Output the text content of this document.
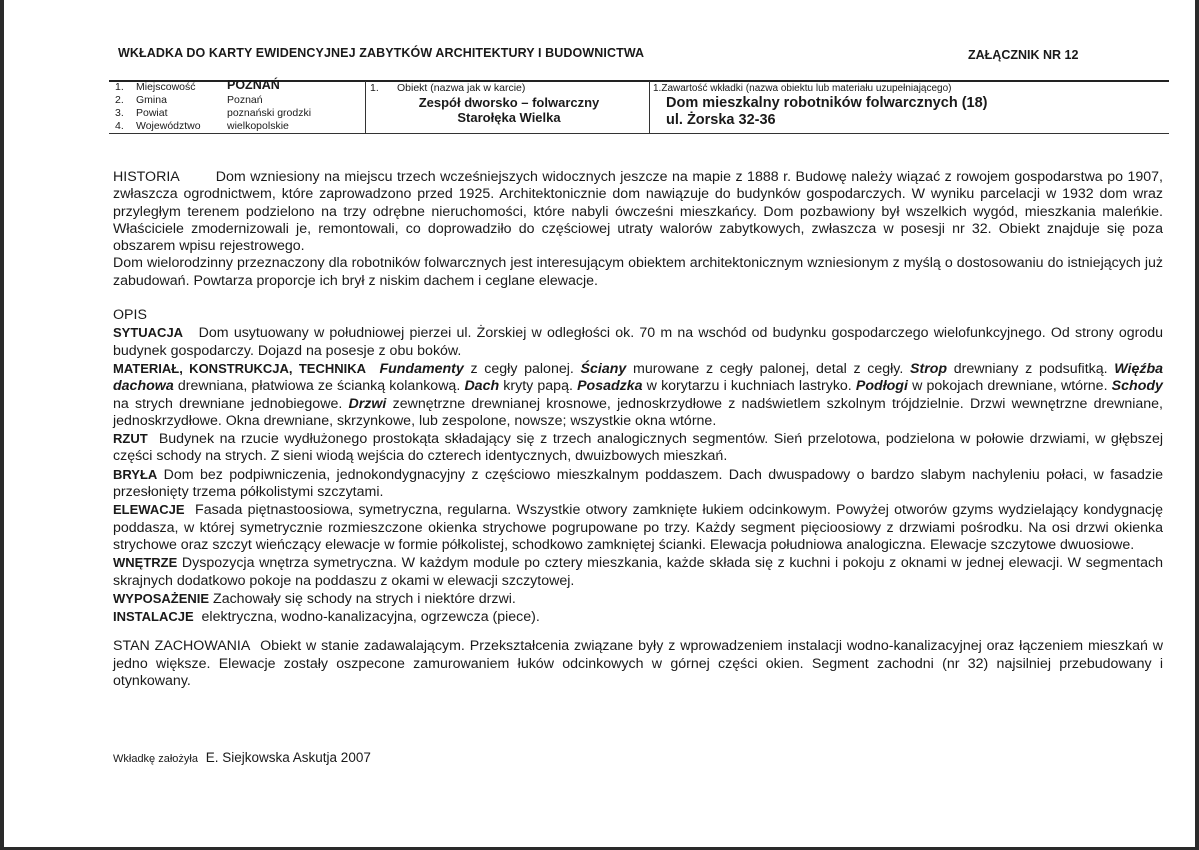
WKŁADKA DO KARTY EWIDENCYJNEJ ZABYTKÓW ARCHITEKTURY I BUDOWNICTWA	ZAŁĄCZNIK NR 12
1.	Miejscowość	POZNAŃ
2.	Gmina	Poznań
3.	Powiat	poznański grodzki
4.	Województwo	wielkopolskie
1. Obiekt (nazwa jak w karcie)
Zespół dworsko – folwarczny
Starołęka Wielka
1.Zawartość wkładki (nazwa obiektu lub materiału uzupełniającego)
Dom mieszkalny robotników folwarcznych (18)
ul. Żorska 32-36

HISTORIA	Dom wzniesiony na miejscu trzech wcześniejszych widocznych jeszcze na mapie z 1888 r. Budowę należy wiązać z rowojem gospodarstwa po 1907, zwłaszcza ogrodnictwem, które zaprowadzono przed 1925. Architektonicznie dom nawiązuje do budynków gospodarczych. W wyniku parcelacji w 1932 dom wraz przyległym terenem podzielono na trzy odrębne nieruchomości, które nabyli ówcześni mieszkańcy. Dom pozbawiony był wszelkich wygód, mieszkania maleńkie. Właściciele zmodernizowali je, remontowali, co doprowadziło do częściowej utraty walorów zabytkowych, zwłaszcza w posesji nr 32. Obiekt znajduje się poza obszarem wpisu rejestrowego.

Dom wielorodzinny przeznaczony dla robotników folwarcznych jest interesującym obiektem architektonicznym wzniesionym z myślą o dostosowaniu do istniejących już zabudowań. Powtarza proporcje ich brył z niskim dachem i ceglane elewacje.

OPIS

SYTUACJA Dom usytuowany w południowej pierzei ul. Żorskiej w odległości ok. 70 m na wschód od budynku gospodarczego wielofunkcyjnego. Od strony ogrodu budynek gospodarczy. Dojazd na posesje z obu boków.

MATERIAŁ, KONSTRUKCJA, TECHNIKA Fundamenty z cegły palonej. Ściany murowane z cegły palonej, detal z cegły. Strop drewniany z podsufitką. Więźba dachowa drewniana, płatwiowa ze ścianką kolankową. Dach kryty papą. Posadzka w korytarzu i kuchniach lastryko. Podłogi w pokojach drewniane, wtórne. Schody na strych drewniane jednobiegowe. Drzwi zewnętrzne drewnianej krosnowe, jednoskrzydłowe z nadświetlem szkolnym trójdzielnie. Drzwi wewnętrzne drewniane, jednoskrzydłowe. Okna drewniane, skrzynkowe, lub zespolone, nowsze; wszystkie okna wtórne.

RZUT Budynek na rzucie wydłużonego prostokąta składający się z trzech analogicznych segmentów. Sień przelotowa, podzielona w połowie drzwiami, w głębszej części schody na strych. Z sieni wiodą wejścia do czterech identycznych, dwuizbowych mieszkań.

BRYŁA Dom bez podpiwniczenia, jednokondygnacyjny z częściowo mieszkalnym poddaszem. Dach dwuspadowy o bardzo slabym nachyleniu połaci, w fasadzie przesłonięty trzema półkolistymi szczytami.

ELEWACJE Fasada piętnastoosiowa, symetryczna, regularna. Wszystkie otwory zamknięte łukiem odcinkowym. Powyżej otworów gzyms wydzielający kondygnację poddasza, w której symetrycznie rozmieszczone okienka strychowe pogrupowane po trzy. Każdy segment pięcioosiowy z drzwiami pośrodku. Na osi drzwi okienka strychowe oraz szczyt wieńczący elewacje w formie półkolistej, schodkowo zamkniętej ścianki. Elewacja południowa analogiczna. Elewacje szczytowe dwuosiowe.

WNĘTRZE Dyspozycja wnętrza symetryczna. W każdym module po cztery mieszkania, każde składa się z kuchni i pokoju z oknami w jednej elewacji. W segmentach skrajnych dodatkowo pokoje na poddaszu z okami w elewacji szczytowej.

WYPOSAŻENIE Zachowały się schody na strych i niektóre drzwi.

INSTALACJE elektryczna, wodno-kanalizacyjna, ogrzewcza (piece).

STAN ZACHOWANIA Obiekt w stanie zadawalającym. Przekształcenia związane były z wprowadzeniem instalacji wodno-kanalizacyjnej oraz łączeniem mieszkań w jedno większe. Elewacje zostały oszpecone zamurowaniem łuków odcinkowych w górnej części okien. Segment zachodni (nr 32) najsilniej przebudowany i otynkowany.

Wkładkę założyła E. Siejkowska Askutja 2007
